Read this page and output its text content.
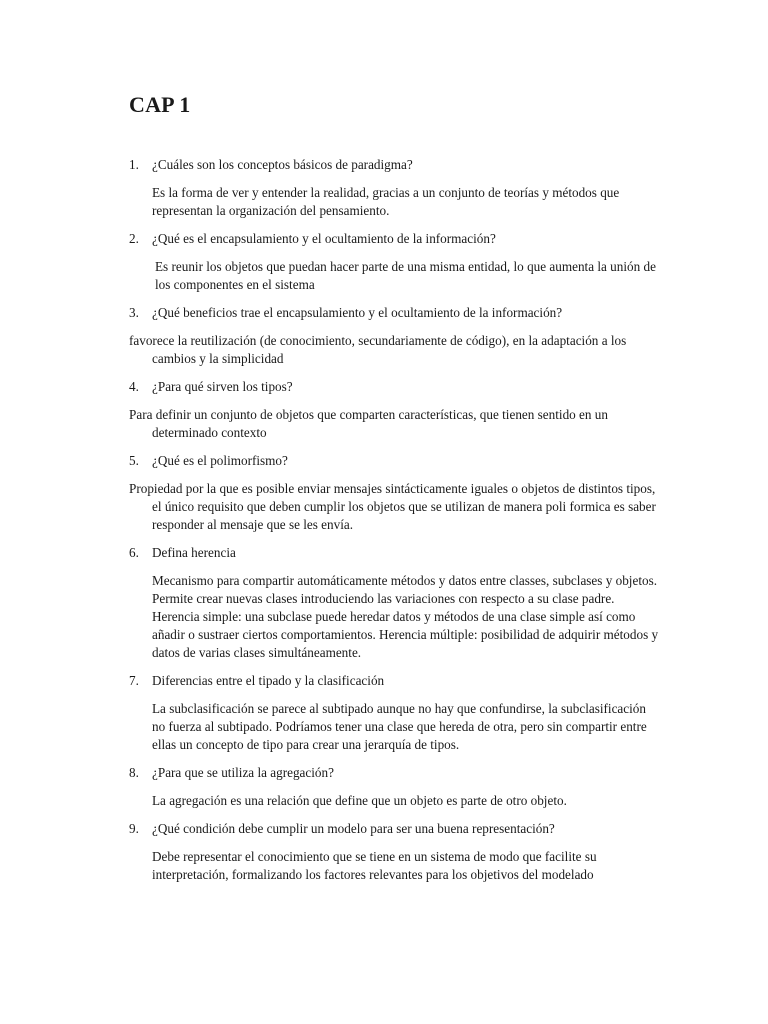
CAP 1
1. ¿Cuáles son los conceptos básicos de paradigma?

Es la forma de ver y entender la realidad, gracias a un conjunto de teorías y métodos que representan la organización del pensamiento.

2. ¿Qué es el encapsulamiento y el ocultamiento de la información?

Es reunir los objetos que puedan hacer parte de una misma entidad, lo que aumenta la unión de los componentes en el sistema

3. ¿Qué beneficios trae el encapsulamiento y el ocultamiento de la información?

favorece la reutilización (de conocimiento, secundariamente de código), en la adaptación a los cambios y la simplicidad

4. ¿Para qué sirven los tipos?

Para definir un conjunto de objetos que comparten características, que tienen sentido en un determinado contexto

5. ¿Qué es el polimorfismo?

Propiedad por la que es posible enviar mensajes sintácticamente iguales o objetos de distintos tipos, el único requisito que deben cumplir los objetos que se utilizan de manera poli formica es saber responder al mensaje que se les envía.

6. Defina herencia

Mecanismo para compartir automáticamente métodos y datos entre classes, subclases y objetos. Permite crear nuevas clases introduciendo las variaciones con respecto a su clase padre. Herencia simple: una subclase puede heredar datos y métodos de una clase simple así como añadir o sustraer ciertos comportamientos. Herencia múltiple: posibilidad de adquirir métodos y datos de varias clases simultáneamente.

7. Diferencias entre el tipado y la clasificación

La subclasificación se parece al subtipado aunque no hay que confundirse, la subclasificación no fuerza al subtipado. Podríamos tener una clase que hereda de otra, pero sin compartir entre ellas un concepto de tipo para crear una jerarquía de tipos.

8. ¿Para que se utiliza la agregación?

La agregación es una relación que define que un objeto es parte de otro objeto.

9. ¿Qué condición debe cumplir un modelo para ser una buena representación?

Debe representar el conocimiento que se tiene en un sistema de modo que facilite su interpretación, formalizando los factores relevantes para los objetivos del modelado
